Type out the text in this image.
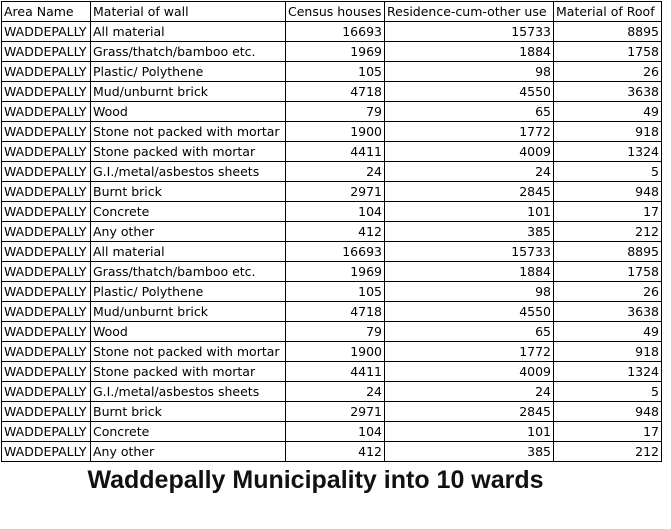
Area Name	Material of wall	Census houses	Residence-cum-other use	Material of Roof
WADDEPALLY	All material	16693	15733	8895
WADDEPALLY	Grass/thatch/bamboo etc.	1969	1884	1758
WADDEPALLY	Plastic/ Polythene	105	98	26
WADDEPALLY	Mud/unburnt brick	4718	4550	3638
WADDEPALLY	Wood	79	65	49
WADDEPALLY	Stone not packed with mortar	1900	1772	918
WADDEPALLY	Stone packed with mortar	4411	4009	1324
WADDEPALLY	G.I./metal/asbestos sheets	24	24	5
WADDEPALLY	Burnt brick	2971	2845	948
WADDEPALLY	Concrete	104	101	17
WADDEPALLY	Any other	412	385	212
WADDEPALLY	All material	16693	15733	8895
WADDEPALLY	Grass/thatch/bamboo etc.	1969	1884	1758
WADDEPALLY	Plastic/ Polythene	105	98	26
WADDEPALLY	Mud/unburnt brick	4718	4550	3638
WADDEPALLY	Wood	79	65	49
WADDEPALLY	Stone not packed with mortar	1900	1772	918
WADDEPALLY	Stone packed with mortar	4411	4009	1324
WADDEPALLY	G.I./metal/asbestos sheets	24	24	5
WADDEPALLY	Burnt brick	2971	2845	948
WADDEPALLY	Concrete	104	101	17
WADDEPALLY	Any other	412	385	212
Waddepally Municipality into 10 wards
